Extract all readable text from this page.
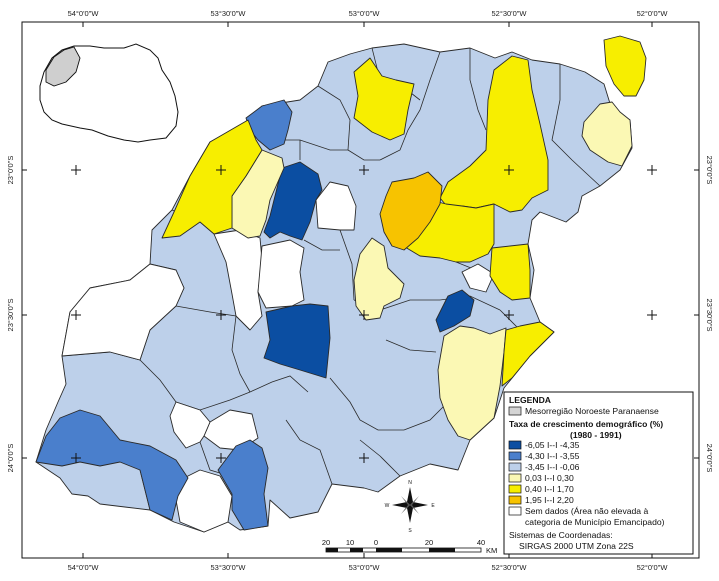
54°0'0"W	53°30'0"W	53°0'0"W	52°30'0"W	52°0'0"W
54°0'0"W	53°30'0"W	53°0'0"W	52°30'0"W	52°0'0"W
23°0'0"S
23°30'0"S
24°0'0"S
23°0'0"S
23°30'0"S
24°0'0"S
N
S
E
W
20 10	0	20	40
KM
LEGENDA
Mesorregião Noroeste Paranaense
Taxa de crescimento demográfico (%)
(1980 - 1991)
-6,05 I--I -4,35
-4,30 I--I -3,55
-3,45 I--I -0,06
0,03 I--I 0,30
0,40 I--I 1,70
1,95 I--I 2,20
Sem dados (Área não elevada à
categoria de Município Emancipado)
Sistemas de Coordenadas:
SIRGAS 2000 UTM Zona 22S
